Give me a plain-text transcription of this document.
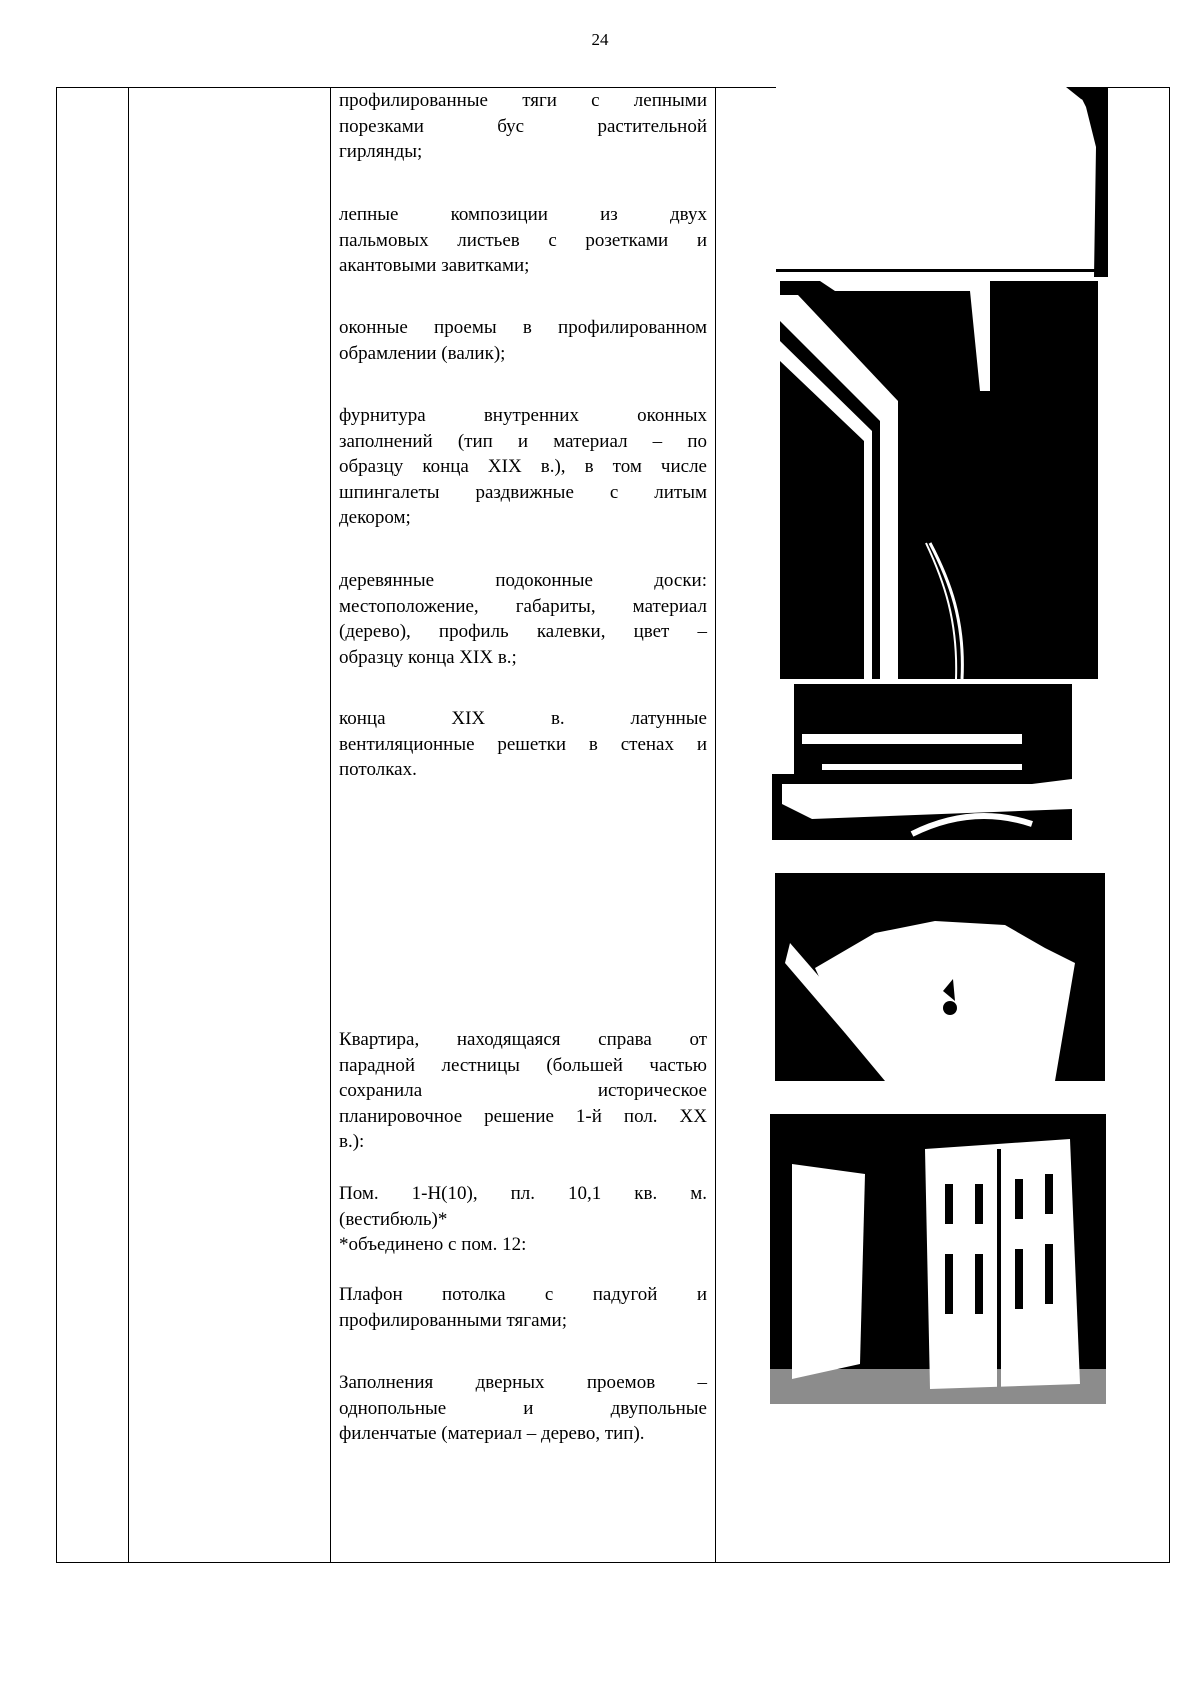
24
профилированные тяги с лепными
порезками бус растительной
гирлянды;
лепные композиции из двух
пальмовых листьев с розетками и
акантовыми завитками;
оконные проемы в профилированном
обрамлении (валик);
фурнитура внутренних оконных
заполнений (тип и материал – по
образцу конца XIX в.), в том числе
шпингалеты раздвижные с литым
декором;
деревянные подоконные доски:
местоположение, габариты, материал
(дерево), профиль калевки, цвет –
образцу конца XIX в.;
конца XIX в. латунные
вентиляционные решетки в стенах и
потолках.
Квартира, находящаяся справа от
парадной лестницы (большей частью
сохранила историческое
планировочное решение 1-й пол. XX
в.):
Пом. 1-Н(10), пл. 10,1 кв. м.
(вестибюль)*
*объединено с пом. 12:
Плафон потолка с падугой и
профилированными тягами;
Заполнения дверных проемов –
однопольные и двупольные
филенчатые (материал – дерево, тип).
